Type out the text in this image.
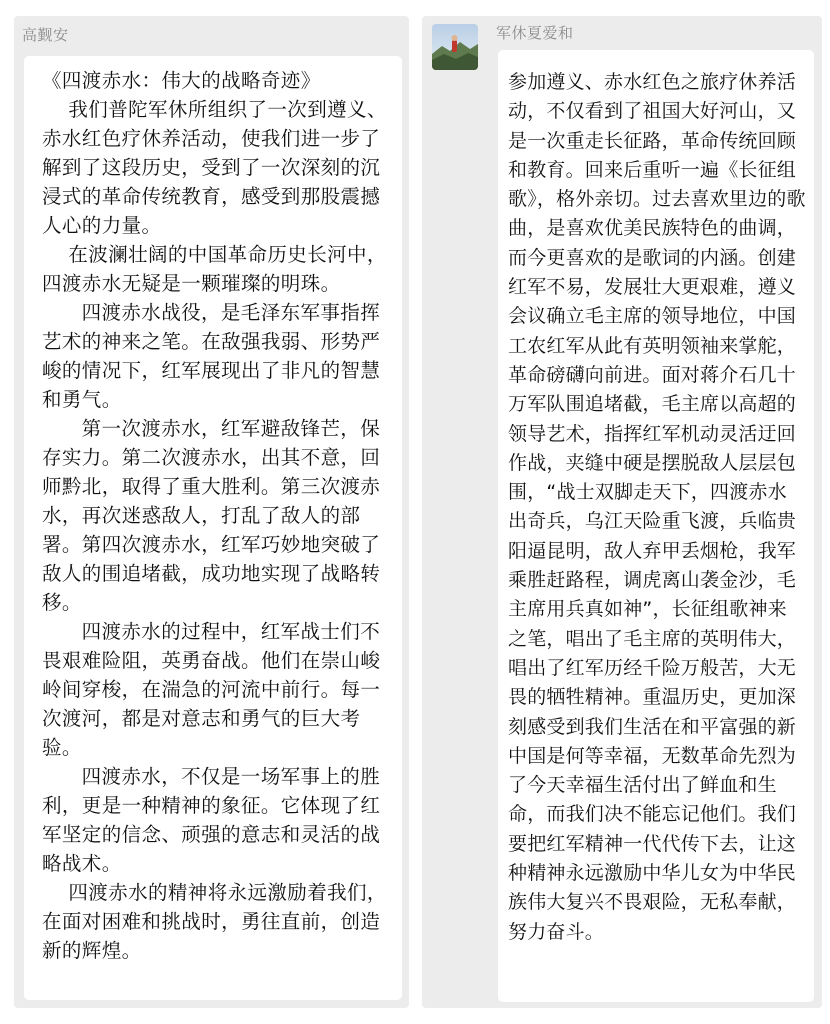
高觐安
《四渡赤水：伟大的战略奇迹》
我们普陀军休所组织了一次到遵义、赤水红色疗休养活动，使我们进一步了解到了这段历史，受到了一次深刻的沉浸式的革命传统教育，感受到那股震撼人心的力量。
在波澜壮阔的中国革命历史长河中，四渡赤水无疑是一颗璀璨的明珠。
四渡赤水战役，是毛泽东军事指挥艺术的神来之笔。在敌强我弱、形势严峻的情况下，红军展现出了非凡的智慧和勇气。
第一次渡赤水，红军避敌锋芒，保存实力。第二次渡赤水，出其不意，回师黔北，取得了重大胜利。第三次渡赤水，再次迷惑敌人，打乱了敌人的部署。第四次渡赤水，红军巧妙地突破了敌人的围追堵截，成功地实现了战略转移。
四渡赤水的过程中，红军战士们不畏艰难险阻，英勇奋战。他们在崇山峻岭间穿梭，在湍急的河流中前行。每一次渡河，都是对意志和勇气的巨大考验。
四渡赤水，不仅是一场军事上的胜利，更是一种精神的象征。它体现了红军坚定的信念、顽强的意志和灵活的战略战术。
四渡赤水的精神将永远激励着我们，在面对困难和挑战时，勇往直前，创造新的辉煌。
军休夏爱和
参加遵义、赤水红色之旅疗休养活动，不仅看到了祖国大好河山，又是一次重走长征路，革命传统回顾和教育。回来后重听一遍《长征组歌》，格外亲切。过去喜欢里边的歌曲，是喜欢优美民族特色的曲调，而今更喜欢的是歌词的内涵。创建红军不易，发展壮大更艰难，遵义会议确立毛主席的领导地位，中国工农红军从此有英明领袖来掌舵，革命磅礴向前进。面对蒋介石几十万军队围追堵截，毛主席以高超的领导艺术，指挥红军机动灵活迂回作战，夹缝中硬是摆脱敌人层层包围，“战士双脚走天下，四渡赤水出奇兵，乌江天险重飞渡，兵临贵阳逼昆明，敌人弃甲丢烟枪，我军乘胜赶路程，调虎离山袭金沙，毛主席用兵真如神”，长征组歌神来之笔，唱出了毛主席的英明伟大，唱出了红军历经千险万般苦，大无畏的牺牲精神。重温历史，更加深刻感受到我们生活在和平富强的新中国是何等幸福，无数革命先烈为了今天幸福生活付出了鲜血和生命，而我们决不能忘记他们。我们要把红军精神一代代传下去，让这种精神永远激励中华儿女为中华民族伟大复兴不畏艰险，无私奉献，努力奋斗。
